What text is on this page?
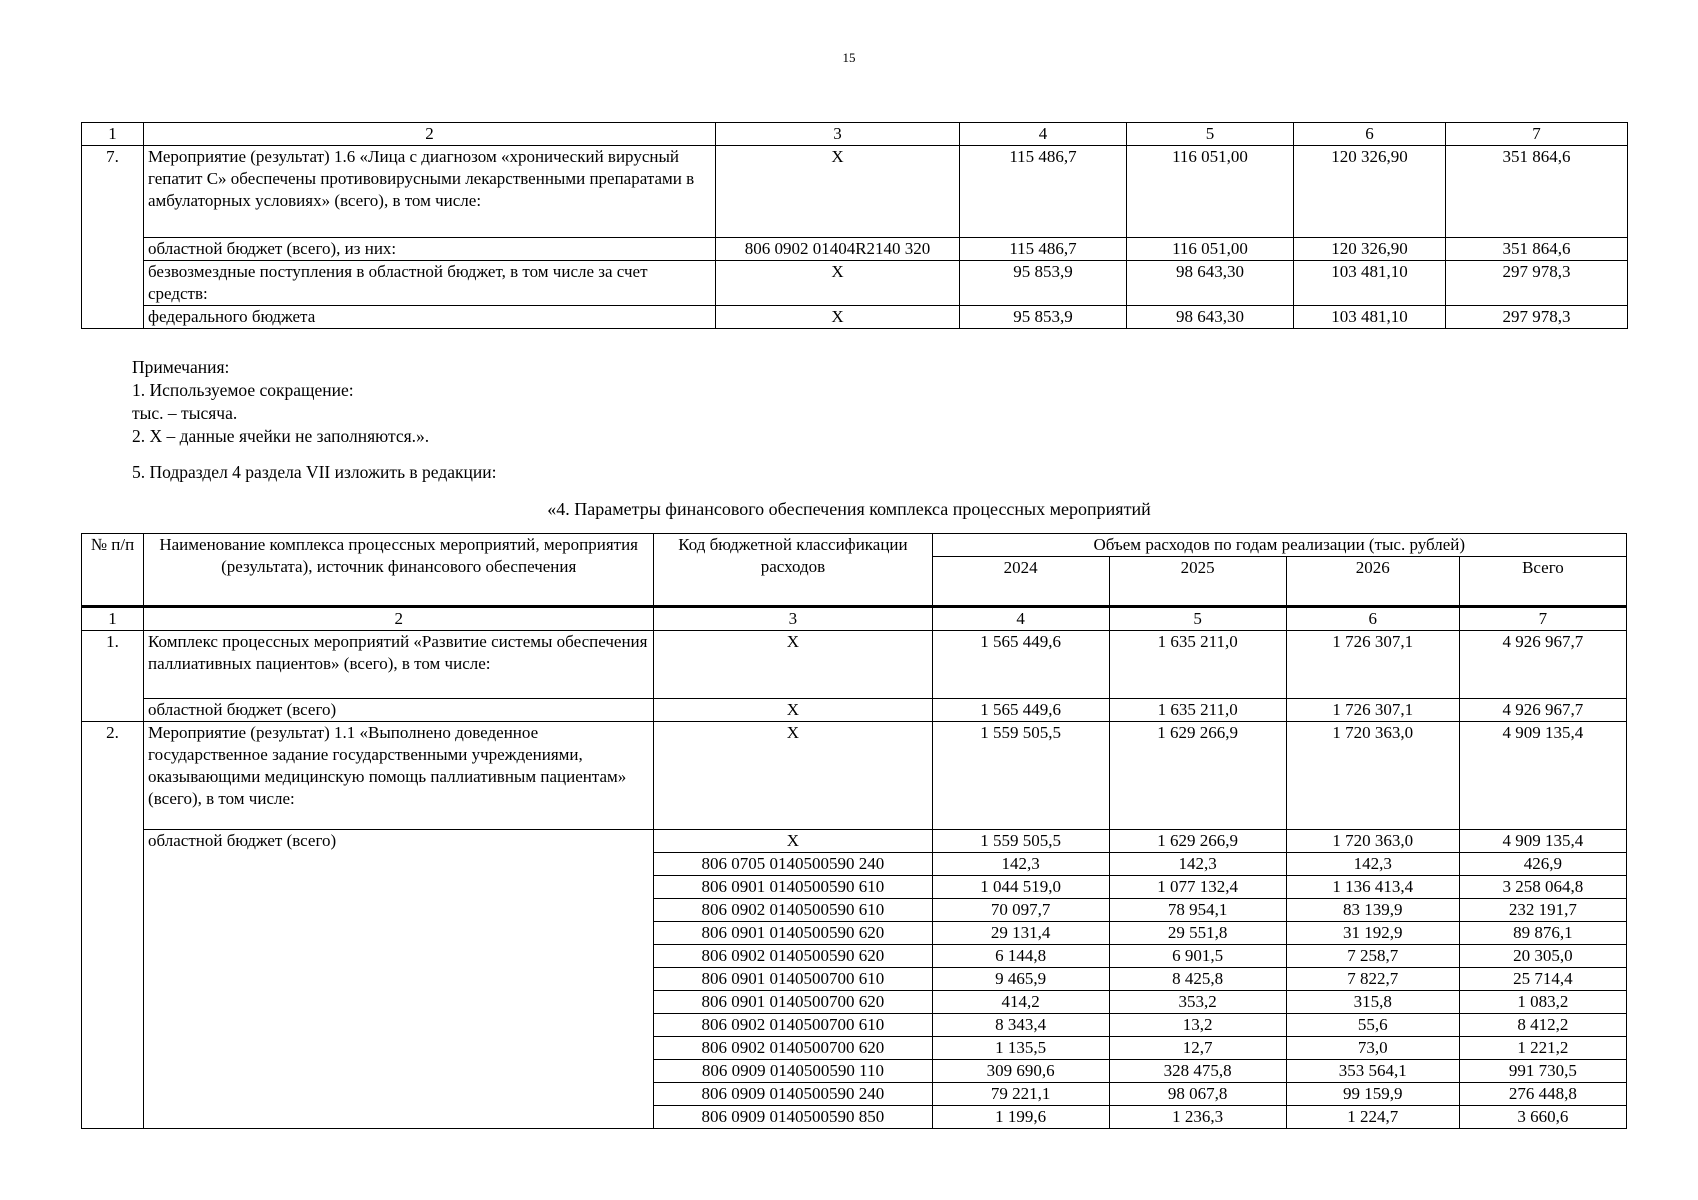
15
1	2	3	4	5	6	7
7.	Мероприятие (результат) 1.6 «Лица с диагнозом «хронический вирусный гепатит С» обеспечены противовирусными лекарственными препаратами в амбулаторных условиях» (всего), в том числе:	X	115 486,7	116 051,00	120 326,90	351 864,6
	областной бюджет (всего), из них:	806 0902 01404R2140 320	115 486,7	116 051,00	120 326,90	351 864,6
	безвозмездные поступления в областной бюджет, в том числе за счет средств:	X	95 853,9	98 643,30	103 481,10	297 978,3
	федерального бюджета	X	95 853,9	98 643,30	103 481,10	297 978,3
Примечания:
1. Используемое сокращение:
тыс. – тысяча.
2. X – данные ячейки не заполняются.».
5. Подраздел 4 раздела VII изложить в редакции:
«4. Параметры финансового обеспечения комплекса процессных мероприятий
№ п/п	Наименование комплекса процессных мероприятий, мероприятия (результата), источник финансового обеспечения	Код бюджетной классификации расходов	Объем расходов по годам реализации (тыс. рублей)			
			2024	2025	2026	Всего
1	2	3	4	5	6	7
1.	Комплекс процессных мероприятий «Развитие системы обеспечения паллиативных пациентов» (всего), в том числе:	X	1 565 449,6	1 635 211,0	1 726 307,1	4 926 967,7
	областной бюджет (всего)	X	1 565 449,6	1 635 211,0	1 726 307,1	4 926 967,7
2.	Мероприятие (результат) 1.1 «Выполнено доведенное государственное задание государственными учреждениями, оказывающими медицинскую помощь паллиативным пациентам» (всего), в том числе:	X	1 559 505,5	1 629 266,9	1 720 363,0	4 909 135,4
	областной бюджет (всего)	X	1 559 505,5	1 629 266,9	1 720 363,0	4 909 135,4
		806 0705 0140500590 240	142,3	142,3	142,3	426,9
		806 0901 0140500590 610	1 044 519,0	1 077 132,4	1 136 413,4	3 258 064,8
		806 0902 0140500590 610	70 097,7	78 954,1	83 139,9	232 191,7
		806 0901 0140500590 620	29 131,4	29 551,8	31 192,9	89 876,1
		806 0902 0140500590 620	6 144,8	6 901,5	7 258,7	20 305,0
		806 0901 0140500700 610	9 465,9	8 425,8	7 822,7	25 714,4
		806 0901 0140500700 620	414,2	353,2	315,8	1 083,2
		806 0902 0140500700 610	8 343,4	13,2	55,6	8 412,2
		806 0902 0140500700 620	1 135,5	12,7	73,0	1 221,2
		806 0909 0140500590 110	309 690,6	328 475,8	353 564,1	991 730,5
		806 0909 0140500590 240	79 221,1	98 067,8	99 159,9	276 448,8
		806 0909 0140500590 850	1 199,6	1 236,3	1 224,7	3 660,6
